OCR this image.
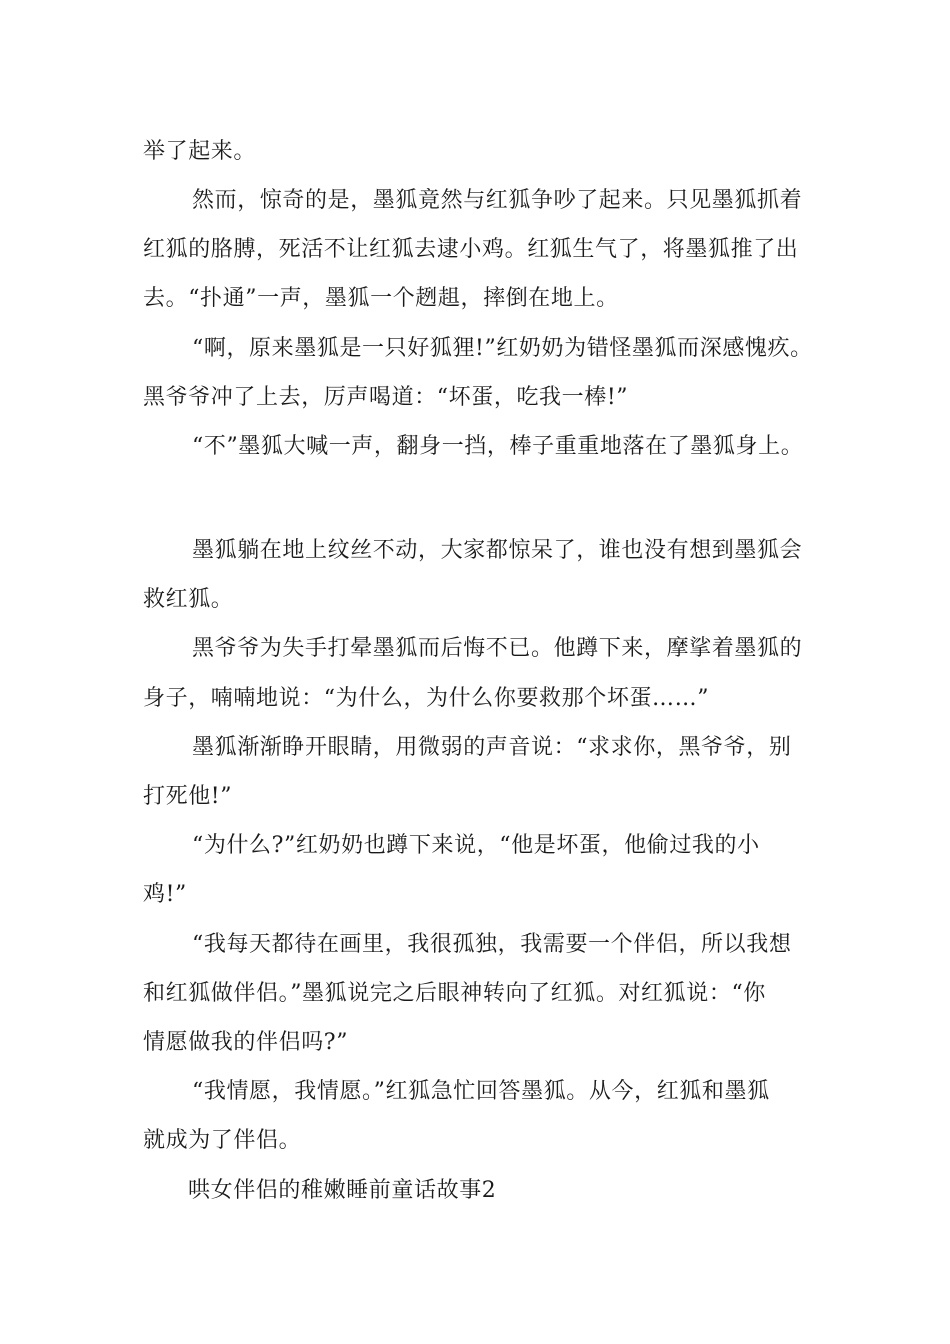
举了起来。
然而，惊奇的是，墨狐竟然与红狐争吵了起来。只见墨狐抓着
红狐的胳膊，死活不让红狐去逮小鸡。红狐生气了，将墨狐推了出
去。“扑通”一声，墨狐一个趔趄，摔倒在地上。
“啊，原来墨狐是一只好狐狸!”红奶奶为错怪墨狐而深感愧疚。
黑爷爷冲了上去，厉声喝道：“坏蛋，吃我一棒!”
“不”墨狐大喊一声，翻身一挡，棒子重重地落在了墨狐身上。
墨狐躺在地上纹丝不动，大家都惊呆了，谁也没有想到墨狐会
救红狐。
黑爷爷为失手打晕墨狐而后悔不已。他蹲下来，摩挲着墨狐的
身子，喃喃地说：“为什么，为什么你要救那个坏蛋……”
墨狐渐渐睁开眼睛，用微弱的声音说：“求求你，黑爷爷，别
打死他!”
“为什么?”红奶奶也蹲下来说，“他是坏蛋，他偷过我的小
鸡!”
“我每天都待在画里，我很孤独，我需要一个伴侣，所以我想
和红狐做伴侣。”墨狐说完之后眼神转向了红狐。对红狐说：“你
情愿做我的伴侣吗?”
“我情愿，我情愿。”红狐急忙回答墨狐。从今，红狐和墨狐
就成为了伴侣。
哄女伴侣的稚嫩睡前童话故事2
